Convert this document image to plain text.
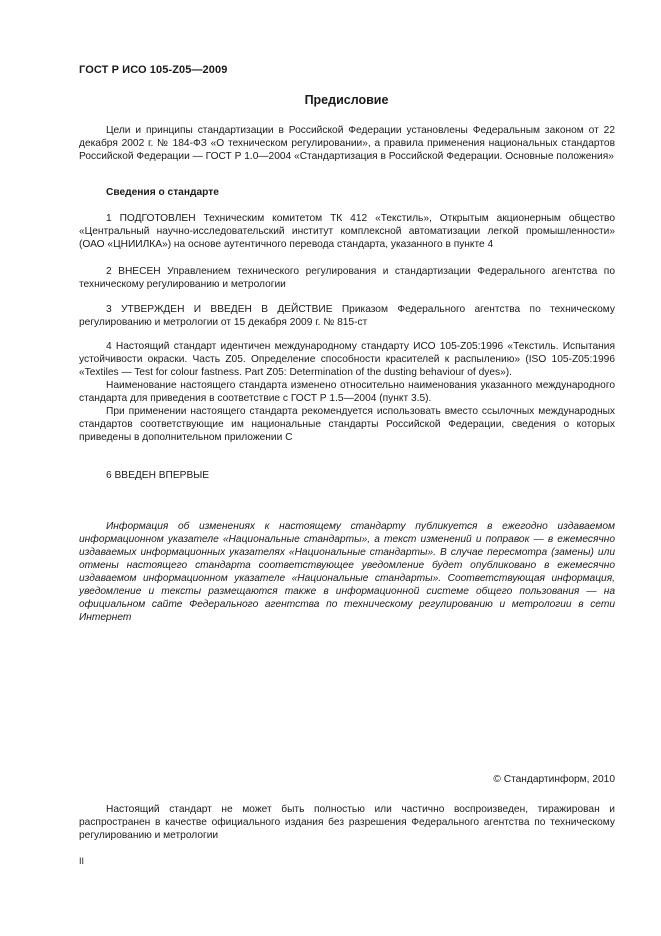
ГОСТ Р ИСО 105-Z05—2009
Предисловие

Цели и принципы стандартизации в Российской Федерации установлены Федеральным законом от 22 декабря 2002 г. № 184-ФЗ «О техническом регулировании», а правила применения национальных стандартов Российской Федерации — ГОСТ Р 1.0—2004 «Стандартизация в Российской Федерации. Основные положения»

Сведения о стандарте

1 ПОДГОТОВЛЕН Техническим комитетом ТК 412 «Текстиль», Открытым акционерным общество «Центральный научно-исследовательский институт комплексной автоматизации легкой промышленности» (ОАО «ЦНИИЛКА») на основе аутентичного перевода стандарта, указанного в пункте 4

2 ВНЕСЕН Управлением технического регулирования и стандартизации Федерального агентства по техническому регулированию и метрологии

3 УТВЕРЖДЕН И ВВЕДЕН В ДЕЙСТВИЕ Приказом Федерального агентства по техническому регулированию и метрологии от 15 декабря 2009 г. № 815-ст

4 Настоящий стандарт идентичен международному стандарту ИСО 105-Z05:1996 «Текстиль. Испытания устойчивости окраски. Часть Z05. Определение способности красителей к распылению» (ISO 105-Z05:1996 «Textiles — Test for colour fastness. Part Z05: Determination of the dusting behaviour of dyes»).

Наименование настоящего стандарта изменено относительно наименования указанного международного стандарта для приведения в соответствие с ГОСТ Р 1.5—2004 (пункт 3.5).

При применении настоящего стандарта рекомендуется использовать вместо ссылочных международных стандартов соответствующие им национальные стандарты Российской Федерации, сведения о которых приведены в дополнительном приложении С

6 ВВЕДЕН ВПЕРВЫЕ

Информация об изменениях к настоящему стандарту публикуется в ежегодно издаваемом информационном указателе «Национальные стандарты», а текст изменений и поправок — в ежемесячно издаваемых информационных указателях «Национальные стандарты». В случае пересмотра (замены) или отмены настоящего стандарта соответствующее уведомление будет опубликовано в ежемесячно издаваемом информационном указателе «Национальные стандарты». Соответствующая информация, уведомление и тексты размещаются также в информационной системе общего пользования — на официальном сайте Федерального агентства по техническому регулированию и метрологии в сети Интернет

© Стандартинформ, 2010

Настоящий стандарт не может быть полностью или частично воспроизведен, тиражирован и распространен в качестве официального издания без разрешения Федерального агентства по техническому регулированию и метрологии

II
